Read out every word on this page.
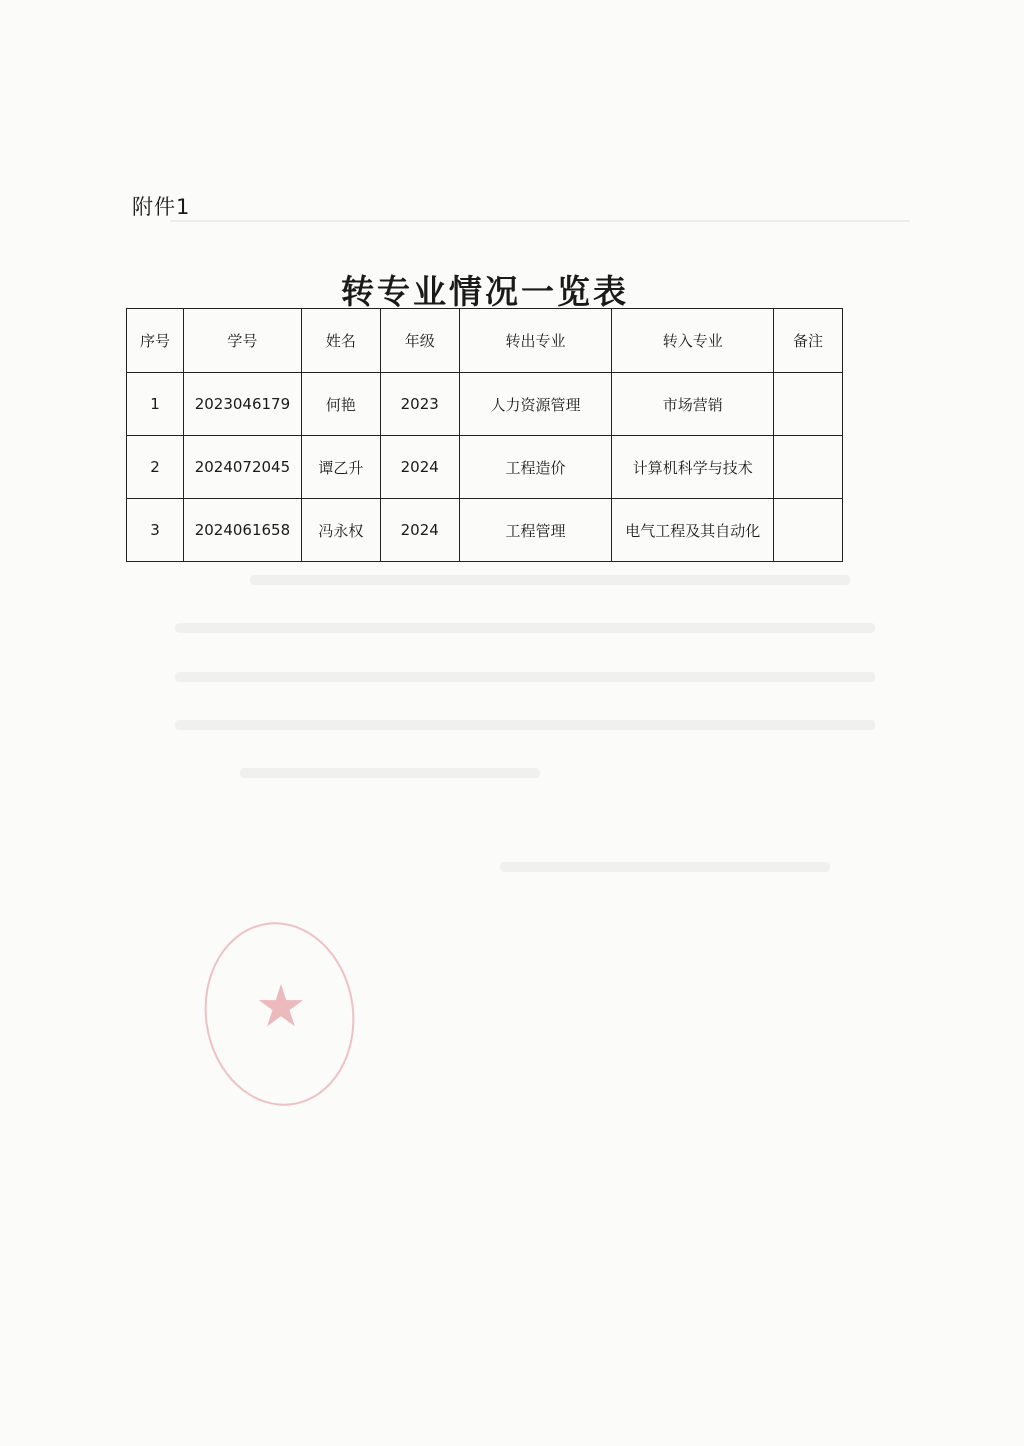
附件1
转专业情况一览表
序号	学号	姓名	年级	转出专业	转入专业	备注
1	2023046179	何艳	2023	人力资源管理	市场营销	
2	2024072045	谭乙升	2024	工程造价	计算机科学与技术	
3	2024061658	冯永权	2024	工程管理	电气工程及其自动化	
★
